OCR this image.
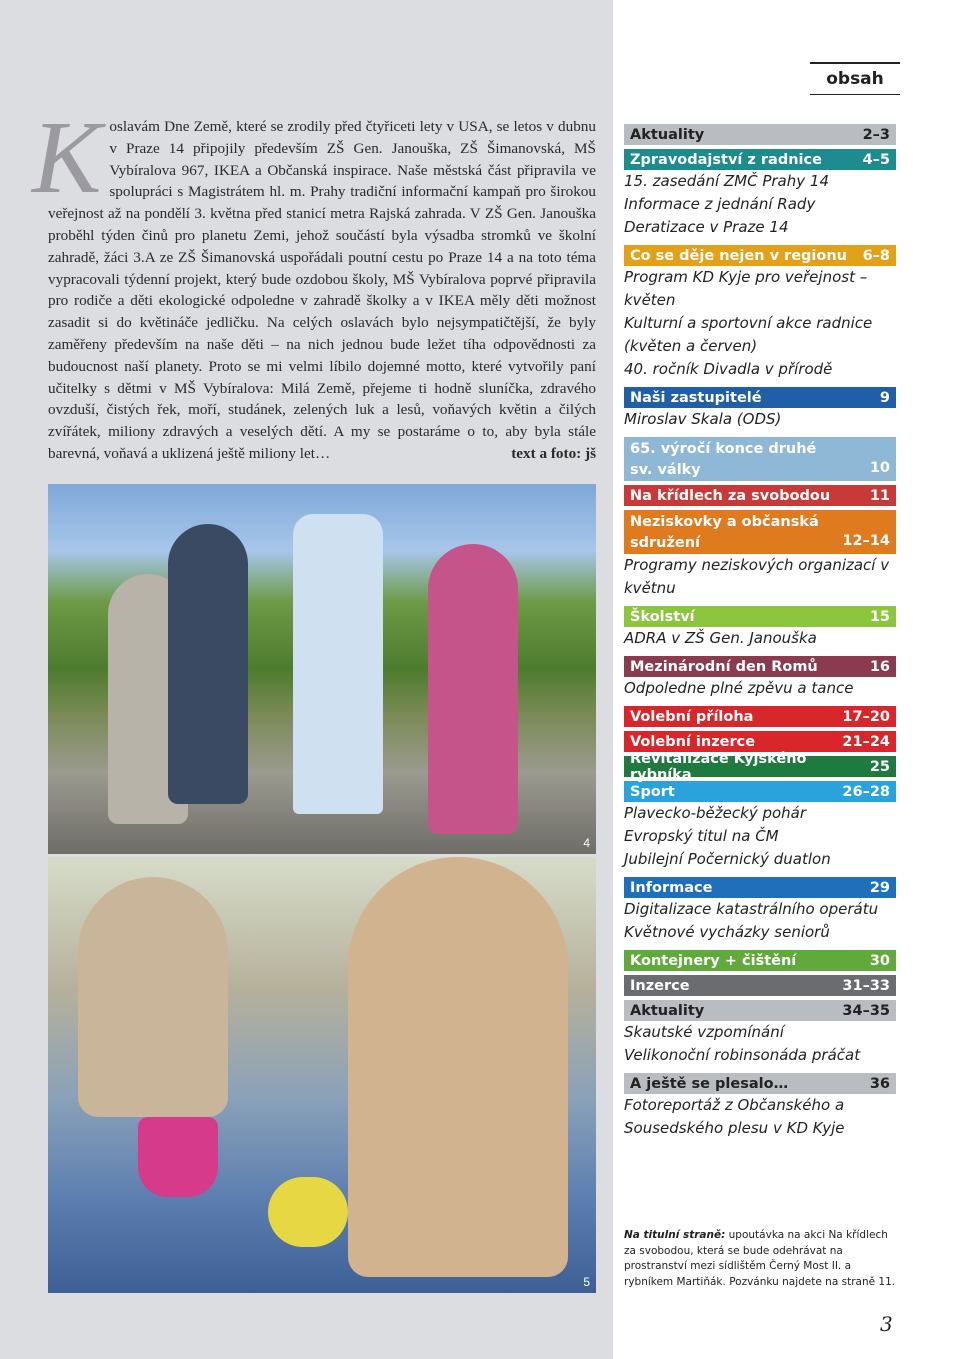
K oslavám Dne Země, které se zrodily před čtyřiceti lety v USA, se letos v dubnu v Praze 14 připojily především ZŠ Gen. Janouška, ZŠ Šimanovská, MŠ Vybíralova 967, IKEA a Občanská inspirace. Naše městská část připravila ve spolupráci s Magistrátem hl. m. Prahy tradiční informační kampaň pro širokou veřejnost až na pondělí 3. května před stanicí metra Rajská zahrada. V ZŠ Gen. Janouška proběhl týden činů pro planetu Zemi, jehož součástí byla výsadba stromků ve školní zahradě, žáci 3.A ze ZŠ Šimanovská uspořádali poutní cestu po Praze 14 a na toto téma vypracovali týdenní projekt, který bude ozdobou školy, MŠ Vybíralova poprvé připravila pro rodiče a děti ekologické odpoledne v zahradě školky a v IKEA měly děti možnost zasadit si do květináče jedličku. Na celých oslavách bylo nejsympatičtější, že byly zaměřeny především na naše děti – na nich jednou bude ležet tíha odpovědnosti za budoucnost naší planety. Proto se mi velmi líbilo dojemné motto, které vytvořily paní učitelky s dětmi v MŠ Vybíralova: Milá Země, přejeme ti hodně sluníčka, zdravého ovzduší, čistých řek, moří, studánek, zelených luk a lesů, voňavých květin a čilých zvířátek, miliony zdravých a veselých dětí. A my se postaráme o to, aby byla stále barevná, voňavá a uklizená ještě miliony let…	text a foto: jš
4
5
obsah
Aktuality	2–3
Zpravodajství z radnice	4–5
15. zasedání ZMČ Prahy 14
Informace z jednání Rady
Deratizace v Praze 14
Co se děje nejen v regionu 6–8
Program KD Kyje pro veřejnost – květen
Kulturní a sportovní akce radnice (květen a červen)
40. ročník Divadla v přírodě
Naši zastupitelé	9
Miroslav Skala (ODS)
65. výročí konce druhé sv. války	10
Na křídlech za svobodou	11
Neziskovky a občanská sdružení	12–14
Programy neziskových organizací v květnu
Školství	15
ADRA v ZŠ Gen. Janouška
Mezinárodní den Romů	16
Odpoledne plné zpěvu a tance
Volební příloha	17–20
Volební inzerce	21–24
Revitalizace Kyjského rybníka	25
Sport	26–28
Plavecko-běžecký pohár
Evropský titul na ČM
Jubilejní Počernický duatlon
Informace	29
Digitalizace katastrálního operátu
Květnové vycházky seniorů
Kontejnery + čištění	30
Inzerce	31–33
Aktuality	34–35
Skautské vzpomínání
Velikonoční robinsonáda práčat
A ještě se plesalo…	36
Fotoreportáž z Občanského a Sousedského plesu v KD Kyje
Na titulní straně: upoutávka na akci Na křídlech za svobodou, která se bude odehrávat na prostranství mezi sídlištěm Černý Most II. a rybníkem Martiňák. Pozvánku najdete na straně 11.
3
